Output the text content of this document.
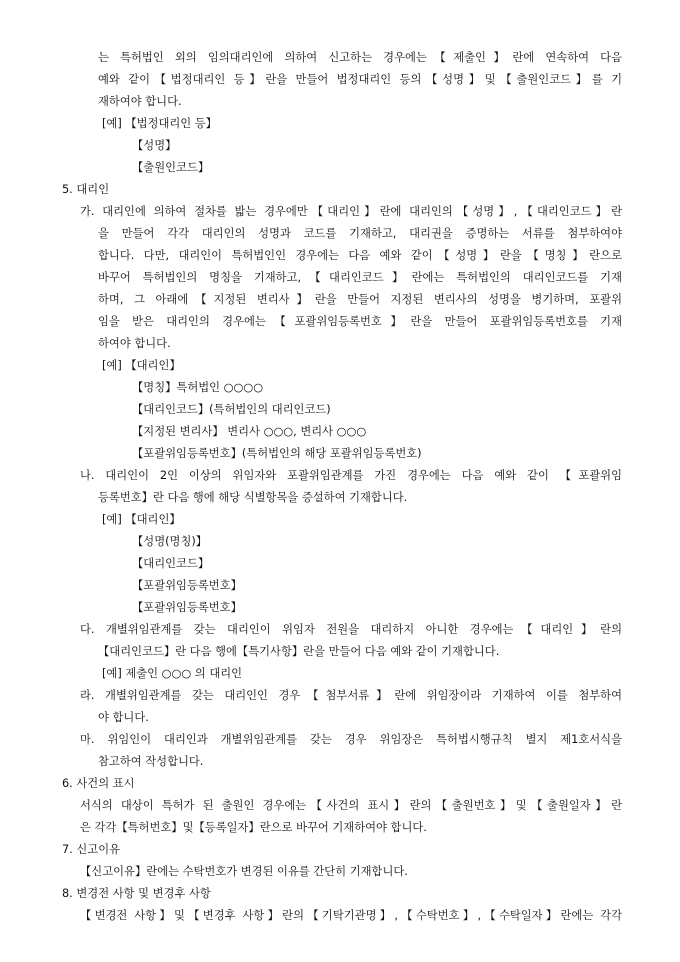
는 특허법인 외의 임의대리인에 의하여 신고하는 경우에는【제출인】란에 연속하여 다음
예와 같이【법정대리인 등】란을 만들어 법정대리인 등의【성명】및【출원인코드】를 기
재하여야 합니다.
[예] 【법정대리인 등】
【성명】
【출원인코드】
5. 대리인
가. 대리인에 의하여 절차를 밟는 경우에만【대리인】란에 대리인의【성명】,【대리인코드】란
을 만들어 각각 대리인의 성명과 코드를 기재하고, 대리권을 증명하는 서류를 첨부하여야
합니다. 다만, 대리인이 특허법인인 경우에는 다음 예와 같이【성명】란을【명칭】란으로
바꾸어 특허법인의 명칭을 기재하고,【대리인코드】란에는 특허법인의 대리인코드를 기재
하며, 그 아래에【지정된 변리사】란을 만들어 지정된 변리사의 성명을 병기하며, 포괄위
임을 받은 대리인의 경우에는【포괄위임등록번호】란을 만들어 포괄위임등록번호를 기재
하여야 합니다.
[예] 【대리인】
【명칭】특허법인 ○○○○
【대리인코드】(특허법인의 대리인코드)
【지정된 변리사】 변리사 ○○○, 변리사 ○○○
【포괄위임등록번호】(특허법인의 해당 포괄위임등록번호)
나. 대리인이 2인 이상의 위임자와 포괄위임관계를 가진 경우에는 다음 예와 같이 【포괄위임
등록번호】란 다음 행에 해당 식별항목을 증설하여 기재합니다.
[예] 【대리인】
【성명(명칭)】
【대리인코드】
【포괄위임등록번호】
【포괄위임등록번호】
다. 개별위임관계를 갖는 대리인이 위임자 전원을 대리하지 아니한 경우에는【대리인】란의
【대리인코드】란 다음 행에【특기사항】란을 만들어 다음 예와 같이 기재합니다.
[예] 제출인 ○○○ 의 대리인
라. 개별위임관계를 갖는 대리인인 경우【첨부서류】란에 위임장이라 기재하여 이를 첨부하여
야 합니다.
마. 위임인이 대리인과 개별위임관계를 갖는 경우 위임장은 특허법시행규칙 별지 제1호서식을
참고하여 작성합니다.
6. 사건의 표시
서식의 대상이 특허가 된 출원인 경우에는【사건의 표시】란의【출원번호】및【출원일자】란
은 각각【특허번호】및【등록일자】란으로 바꾸어 기재하여야 합니다.
7. 신고이유
【신고이유】란에는 수탁번호가 변경된 이유를 간단히 기재합니다.
8. 변경전 사항 및 변경후 사항
【변경전 사항】및【변경후 사항】란의【기탁기관명】,【수탁번호】,【수탁일자】란에는 각각
